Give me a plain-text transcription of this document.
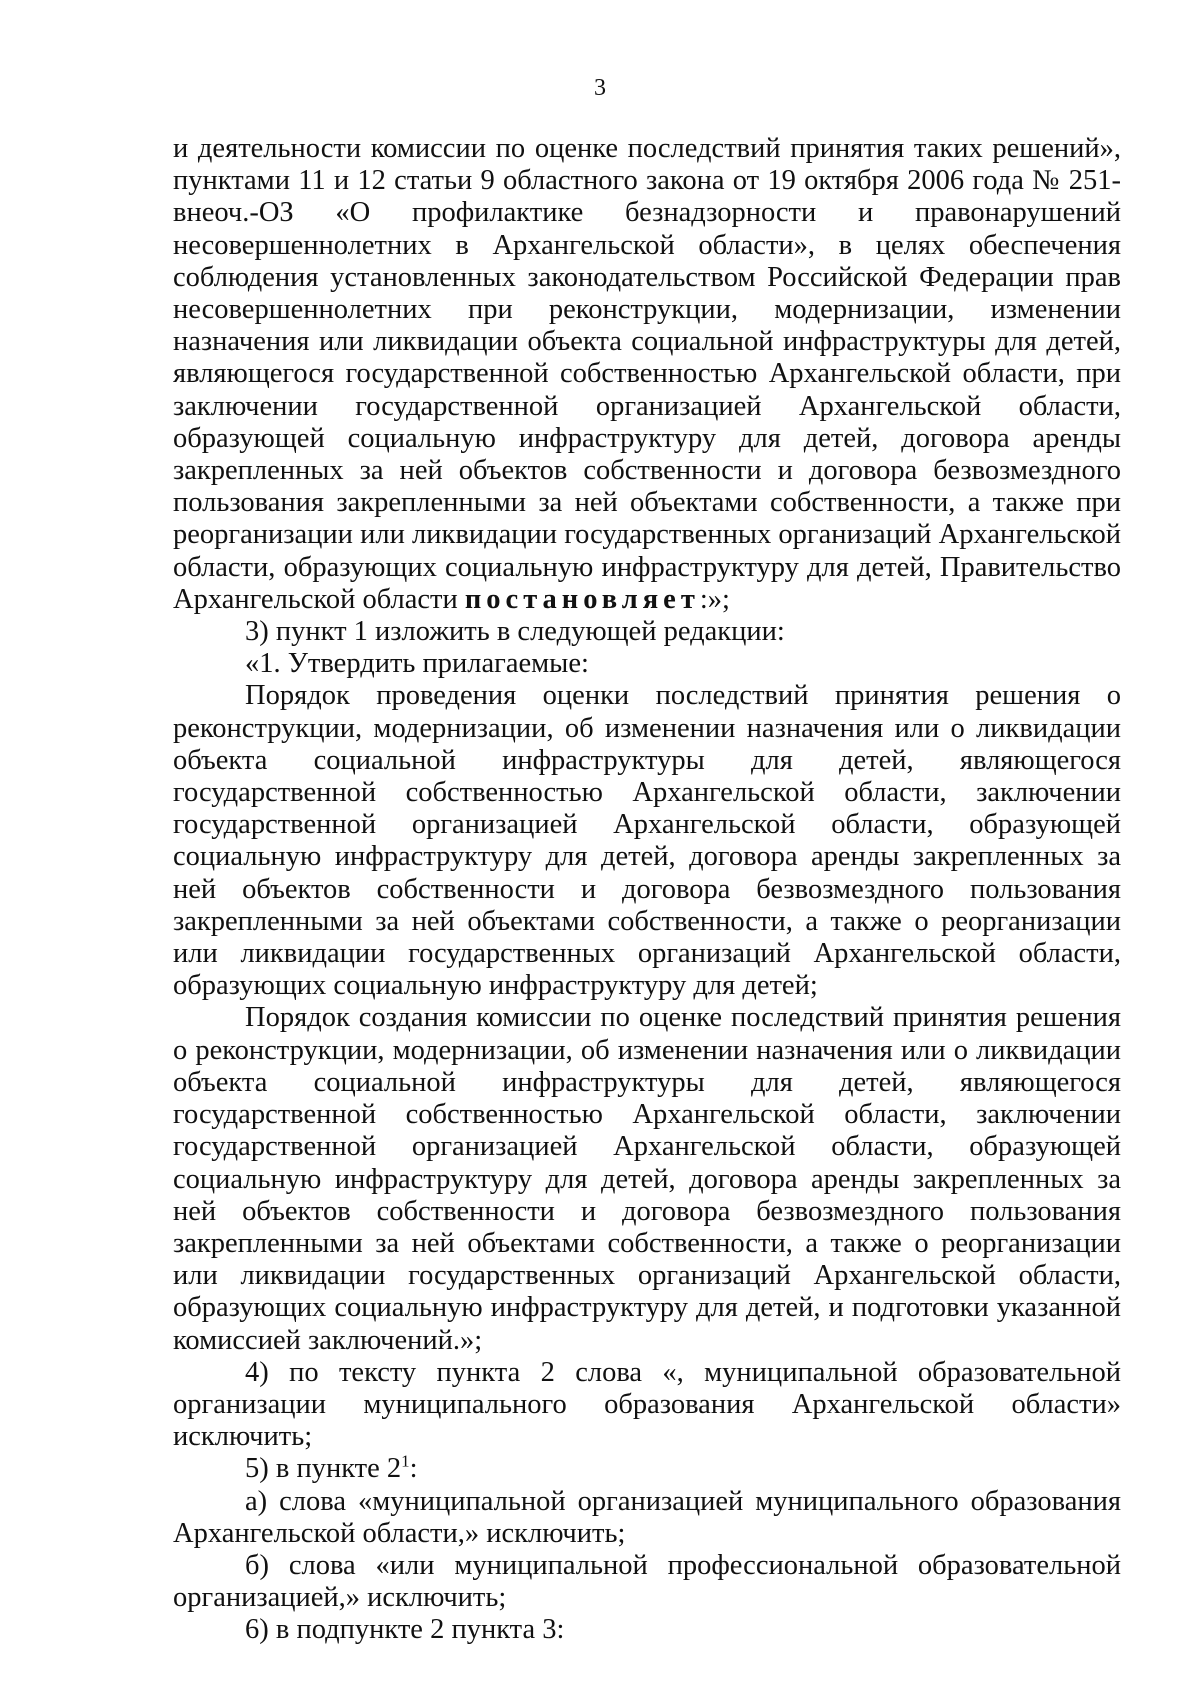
3

и деятельности комиссии по оценке последствий принятия таких решений», пунктами 11 и 12 статьи 9 областного закона от 19 октября 2006 года № 251-внеоч.-ОЗ «О профилактике безнадзорности и правонарушений несовершеннолетних в Архангельской области», в целях обеспечения соблюдения установленных законодательством Российской Федерации прав несовершеннолетних при реконструкции, модернизации, изменении назначения или ликвидации объекта социальной инфраструктуры для детей, являющегося государственной собственностью Архангельской области, при заключении государственной организацией Архангельской области, образующей социальную инфраструктуру для детей, договора аренды закрепленных за ней объектов собственности и договора безвозмездного пользования закрепленными за ней объектами собственности, а также при реорганизации или ликвидации государственных организаций Архангельской области, образующих социальную инфраструктуру для детей, Правительство Архангельской области постановляет:»;

3) пункт 1 изложить в следующей редакции:

«1. Утвердить прилагаемые:

Порядок проведения оценки последствий принятия решения о реконструкции, модернизации, об изменении назначения или о ликвидации объекта социальной инфраструктуры для детей, являющегося государственной собственностью Архангельской области, заключении государственной организацией Архангельской области, образующей социальную инфраструктуру для детей, договора аренды закрепленных за ней объектов собственности и договора безвозмездного пользования закрепленными за ней объектами собственности, а также о реорганизации или ликвидации государственных организаций Архангельской области, образующих социальную инфраструктуру для детей;

Порядок создания комиссии по оценке последствий принятия решения о реконструкции, модернизации, об изменении назначения или о ликвидации объекта социальной инфраструктуры для детей, являющегося государственной собственностью Архангельской области, заключении государственной организацией Архангельской области, образующей социальную инфраструктуру для детей, договора аренды закрепленных за ней объектов собственности и договора безвозмездного пользования закрепленными за ней объектами собственности, а также о реорганизации или ликвидации государственных организаций Архангельской области, образующих социальную инфраструктуру для детей, и подготовки указанной комиссией заключений.»;

4) по тексту пункта 2 слова «, муниципальной образовательной организации муниципального образования Архангельской области» исключить;

5) в пункте $2^1$:

а) слова «муниципальной организацией муниципального образования Архангельской области,» исключить;

б) слова «или муниципальной профессиональной образовательной организацией,» исключить;

6) в подпункте 2 пункта 3:
